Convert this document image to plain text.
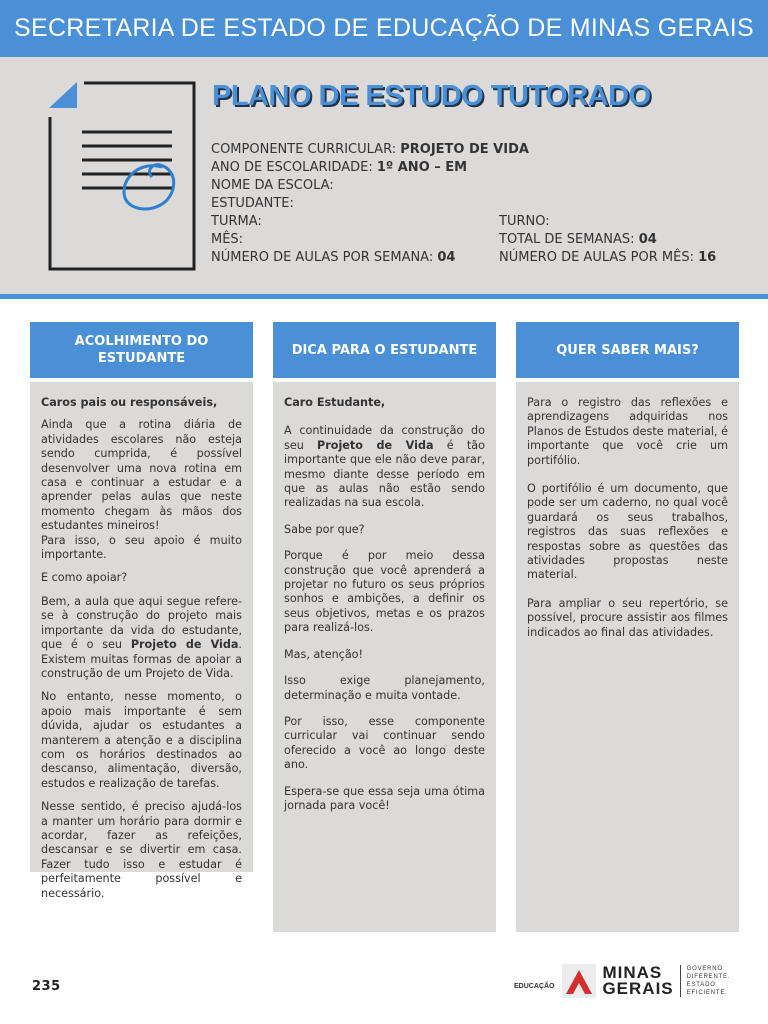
SECRETARIA DE ESTADO DE EDUCAÇÃO DE MINAS GERAIS
PLANO DE ESTUDO TUTORADO
COMPONENTE CURRICULAR: PROJETO DE VIDA
ANO DE ESCOLARIDADE: 1º ANO – EM
NOME DA ESCOLA:
ESTUDANTE:
TURMA:	TURNO:
MÊS:	TOTAL DE SEMANAS: 04
NÚMERO DE AULAS POR SEMANA: 04	NÚMERO DE AULAS POR MÊS: 16
ACOLHIMENTO DO ESTUDANTE

Caros pais ou responsáveis,

Ainda que a rotina diária de atividades escolares não esteja sendo cumprida, é possível desenvolver uma nova rotina em casa e continuar a estudar e a aprender pelas aulas que neste momento chegam às mãos dos estudantes mineiros!

Para isso, o seu apoio é muito importante.

E como apoiar?

Bem, a aula que aqui segue refere-se à construção do projeto mais importante da vida do estudante, que é o seu Projeto de Vida. Existem muitas formas de apoiar a construção de um Projeto de Vida.

No entanto, nesse momento, o apoio mais importante é sem dúvida, ajudar os estudantes a manterem a atenção e a disciplina com os horários destinados ao descanso, alimentação, diversão, estudos e realização de tarefas.

Nesse sentido, é preciso ajudá-los a manter um horário para dormir e acordar, fazer as refeições, descansar e se divertir em casa. Fazer tudo isso e estudar é perfeitamente possível e necessário.

DICA PARA O ESTUDANTE

Caro Estudante,

A continuidade da construção do seu Projeto de Vida é tão importante que ele não deve parar, mesmo diante desse período em que as aulas não estão sendo realizadas na sua escola.

Sabe por que?

Porque é por meio dessa construção que você aprenderá a projetar no futuro os seus próprios sonhos e ambições, a definir os seus objetivos, metas e os prazos para realizá-los.

Mas, atenção!

Isso exige planejamento, determinação e muita vontade.

Por isso, esse componente curricular vai continuar sendo oferecido a você ao longo deste ano.

Espera-se que essa seja uma ótima jornada para você!

QUER SABER MAIS?

Para o registro das reflexões e aprendizagens adquiridas nos Planos de Estudos deste material, é importante que você crie um portifólio.

O portifólio é um documento, que pode ser um caderno, no qual você guardará os seus trabalhos, registros das suas reflexões e respostas sobre as questões das atividades propostas neste material.

Para ampliar o seu repertório, se possível, procure assistir aos filmes indicados ao final das atividades.

235	EDUCAÇÃO
MINAS
GERAIS
GOVERNO
DIFERENTE.
ESTADO
EFICIENTE.
